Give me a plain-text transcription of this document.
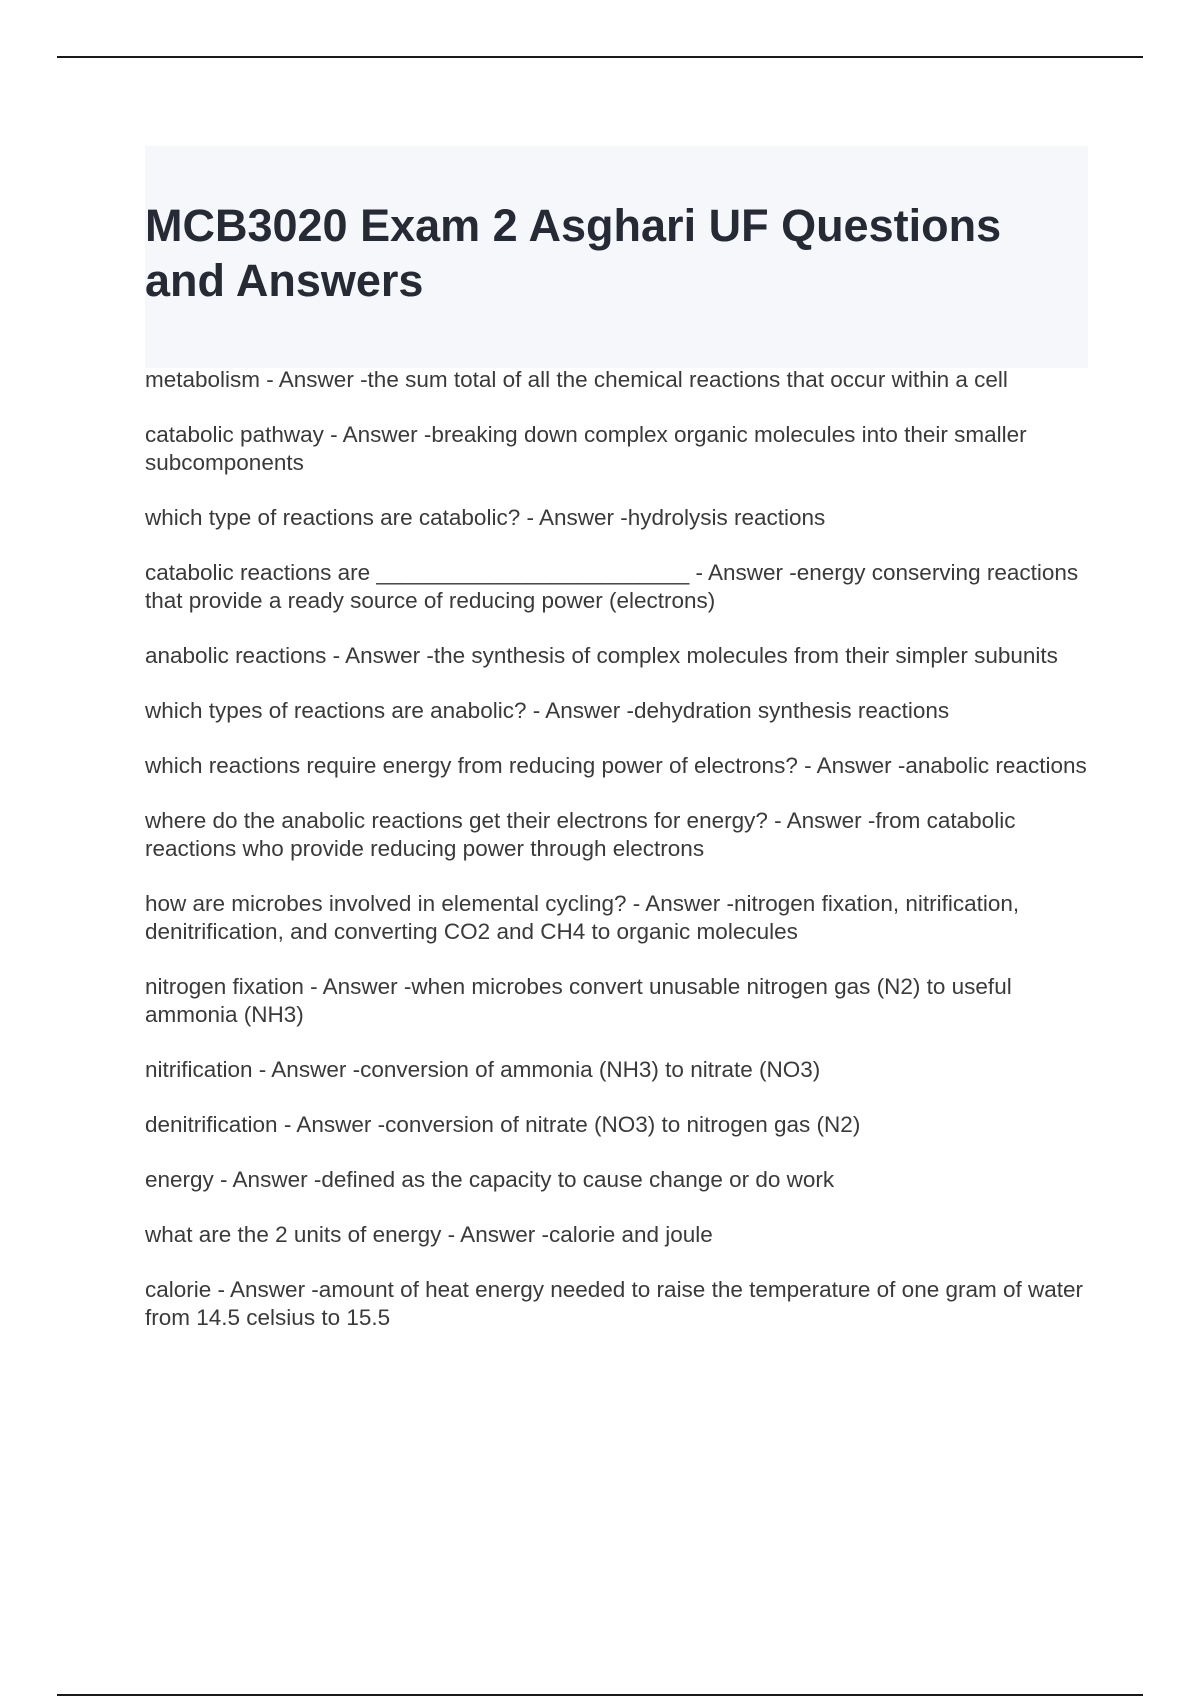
MCB3020 Exam 2 Asghari UF Questions and Answers
metabolism - Answer -the sum total of all the chemical reactions that occur within a cell
catabolic pathway - Answer -breaking down complex organic molecules into their smaller subcomponents
which type of reactions are catabolic? - Answer -hydrolysis reactions
catabolic reactions are _________________________ - Answer -energy conserving reactions that provide a ready source of reducing power (electrons)
anabolic reactions - Answer -the synthesis of complex molecules from their simpler subunits
which types of reactions are anabolic? - Answer -dehydration synthesis reactions
which reactions require energy from reducing power of electrons? - Answer -anabolic reactions
where do the anabolic reactions get their electrons for energy? - Answer -from catabolic reactions who provide reducing power through electrons
how are microbes involved in elemental cycling? - Answer -nitrogen fixation, nitrification, denitrification, and converting CO2 and CH4 to organic molecules
nitrogen fixation - Answer -when microbes convert unusable nitrogen gas (N2) to useful ammonia (NH3)
nitrification - Answer -conversion of ammonia (NH3) to nitrate (NO3)
denitrification - Answer -conversion of nitrate (NO3) to nitrogen gas (N2)
energy - Answer -defined as the capacity to cause change or do work
what are the 2 units of energy - Answer -calorie and joule
calorie - Answer -amount of heat energy needed to raise the temperature of one gram of water from 14.5 celsius to 15.5
